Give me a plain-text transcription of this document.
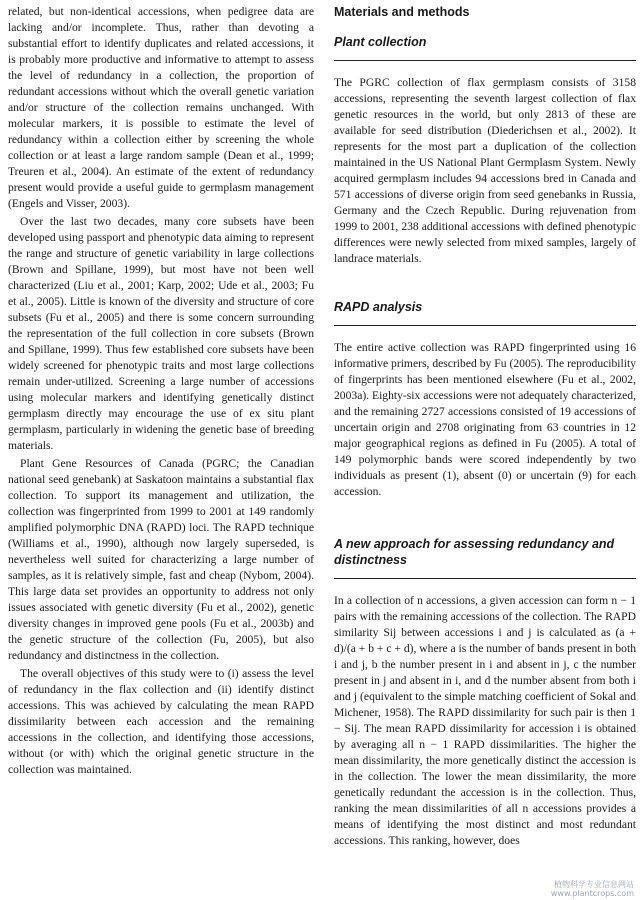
related, but non-identical accessions, when pedigree data are lacking and/or incomplete. Thus, rather than devoting a substantial effort to identify duplicates and related accessions, it is probably more productive and informative to attempt to assess the level of redundancy in a collection, the proportion of redundant accessions without which the overall genetic variation and/or structure of the collection remains unchanged. With molecular markers, it is possible to estimate the level of redundancy within a collection either by screening the whole collection or at least a large random sample (Dean et al., 1999; Treuren et al., 2004). An estimate of the extent of redundancy present would provide a useful guide to germplasm management (Engels and Visser, 2003).

Over the last two decades, many core subsets have been developed using passport and phenotypic data aiming to represent the range and structure of genetic variability in large collections (Brown and Spillane, 1999), but most have not been well characterized (Liu et al., 2001; Karp, 2002; Ude et al., 2003; Fu et al., 2005). Little is known of the diversity and structure of core subsets (Fu et al., 2005) and there is some concern surrounding the representation of the full collection in core subsets (Brown and Spillane, 1999). Thus few established core subsets have been widely screened for phenotypic traits and most large collections remain under-utilized. Screening a large number of accessions using molecular markers and identifying genetically distinct germplasm directly may encourage the use of ex situ plant germplasm, particularly in widening the genetic base of breeding materials.

Plant Gene Resources of Canada (PGRC; the Canadian national seed genebank) at Saskatoon maintains a substantial flax collection. To support its management and utilization, the collection was fingerprinted from 1999 to 2001 at 149 randomly amplified polymorphic DNA (RAPD) loci. The RAPD technique (Williams et al., 1990), although now largely superseded, is nevertheless well suited for characterizing a large number of samples, as it is relatively simple, fast and cheap (Nybom, 2004). This large data set provides an opportunity to address not only issues associated with genetic diversity (Fu et al., 2002), genetic diversity changes in improved gene pools (Fu et al., 2003b) and the genetic structure of the collection (Fu, 2005), but also redundancy and distinctness in the collection.

The overall objectives of this study were to (i) assess the level of redundancy in the flax collection and (ii) identify distinct accessions. This was achieved by calculating the mean RAPD dissimilarity between each accession and the remaining accessions in the collection, and identifying those accessions, without (or with) which the original genetic structure in the collection was maintained.

Materials and methods
Plant collection

The PGRC collection of flax germplasm consists of 3158 accessions, representing the seventh largest collection of flax genetic resources in the world, but only 2813 of these are available for seed distribution (Diederichsen et al., 2002). It represents for the most part a duplication of the collection maintained in the US National Plant Germplasm System. Newly acquired germplasm includes 94 accessions bred in Canada and 571 accessions of diverse origin from seed genebanks in Russia, Germany and the Czech Republic. During rejuvenation from 1999 to 2001, 238 additional accessions with defined phenotypic differences were newly selected from mixed samples, largely of landrace materials.

RAPD analysis

The entire active collection was RAPD fingerprinted using 16 informative primers, described by Fu (2005). The reproducibility of fingerprints has been mentioned elsewhere (Fu et al., 2002, 2003a). Eighty-six accessions were not adequately characterized, and the remaining 2727 accessions consisted of 19 accessions of uncertain origin and 2708 originating from 63 countries in 12 major geographical regions as defined in Fu (2005). A total of 149 polymorphic bands were scored independently by two individuals as present (1), absent (0) or uncertain (9) for each accession.

A new approach for assessing redundancy and distinctness

In a collection of n accessions, a given accession can form n − 1 pairs with the remaining accessions of the collection. The RAPD similarity Sij between accessions i and j is calculated as (a + d)/(a + b + c + d), where a is the number of bands present in both i and j, b the number present in i and absent in j, c the number present in j and absent in i, and d the number absent from both i and j (equivalent to the simple matching coefficient of Sokal and Michener, 1958). The RAPD dissimilarity for such pair is then 1 − Sij. The mean RAPD dissimilarity for accession i is obtained by averaging all n − 1 RAPD dissimilarities. The higher the mean dissimilarity, the more genetically distinct the accession is in the collection. The lower the mean dissimilarity, the more genetically redundant the accession is in the collection. Thus, ranking the mean dissimilarities of all n accessions provides a means of identifying the most distinct and most redundant accessions. This ranking, however, does

植物科学专业信息网站
www.plantcrops.com
